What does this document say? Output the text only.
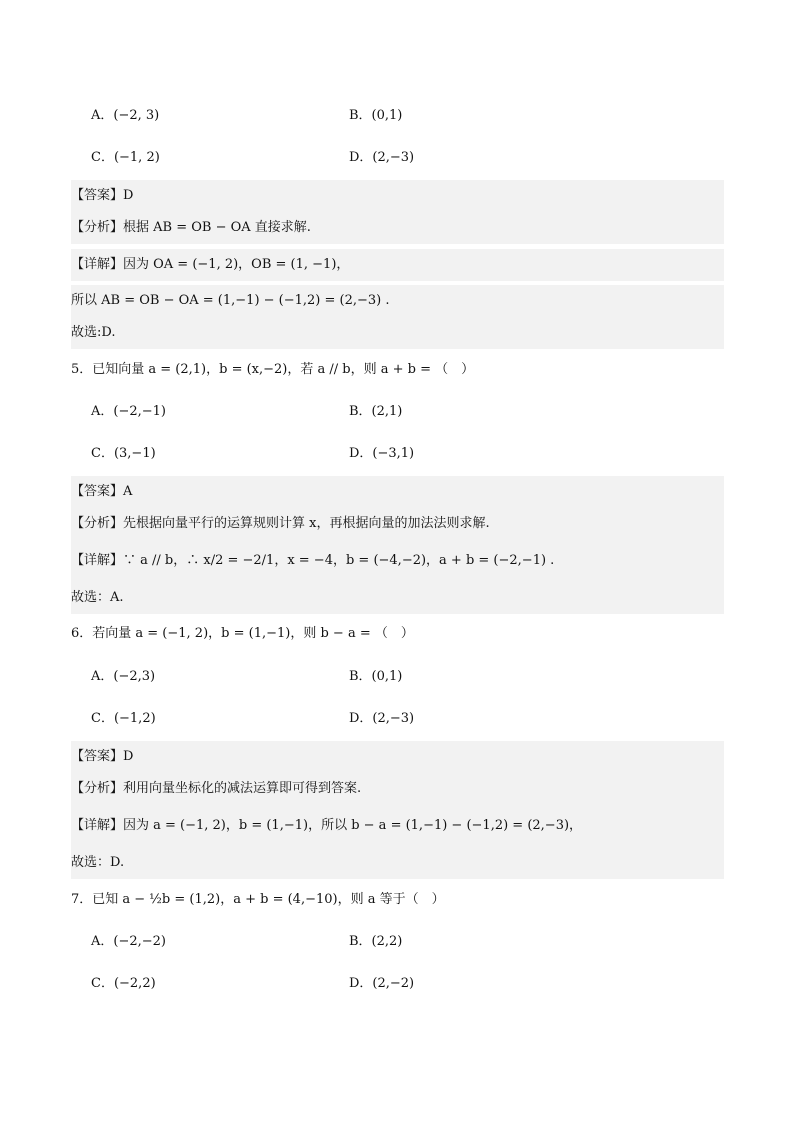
A．(−2, 3)	B．(0,1)
C．(−1, 2)	D．(2,−3)
【答案】D
【分析】根据 AB = OB − OA 直接求解.
【详解】因为 OA = (−1, 2)，OB = (1, −1)，
所以 AB = OB − OA = (1,−1) − (−1,2) = (2,−3) .
故选:D.
5．已知向量 a = (2,1)，b = (x,−2)，若 a // b，则 a + b = （　）
A．(−2,−1)	B．(2,1)
C．(3,−1)	D．(−3,1)
【答案】A
【分析】先根据向量平行的运算规则计算 x，再根据向量的加法法则求解.
【详解】∵ a // b，∴ x/2 = −2/1，x = −4，b = (−4,−2)，a + b = (−2,−1) .
故选：A.
6．若向量 a = (−1, 2)，b = (1,−1)，则 b − a = （　）
A．(−2,3)	B．(0,1)
C．(−1,2)	D．(2,−3)
【答案】D
【分析】利用向量坐标化的减法运算即可得到答案.
【详解】因为 a = (−1, 2)，b = (1,−1)，所以 b − a = (1,−1) − (−1,2) = (2,−3)，
故选：D.
7．已知 a − ½b = (1,2)，a + b = (4,−10)，则 a 等于（　）
A．(−2,−2)	B．(2,2)
C．(−2,2)	D．(2,−2)
